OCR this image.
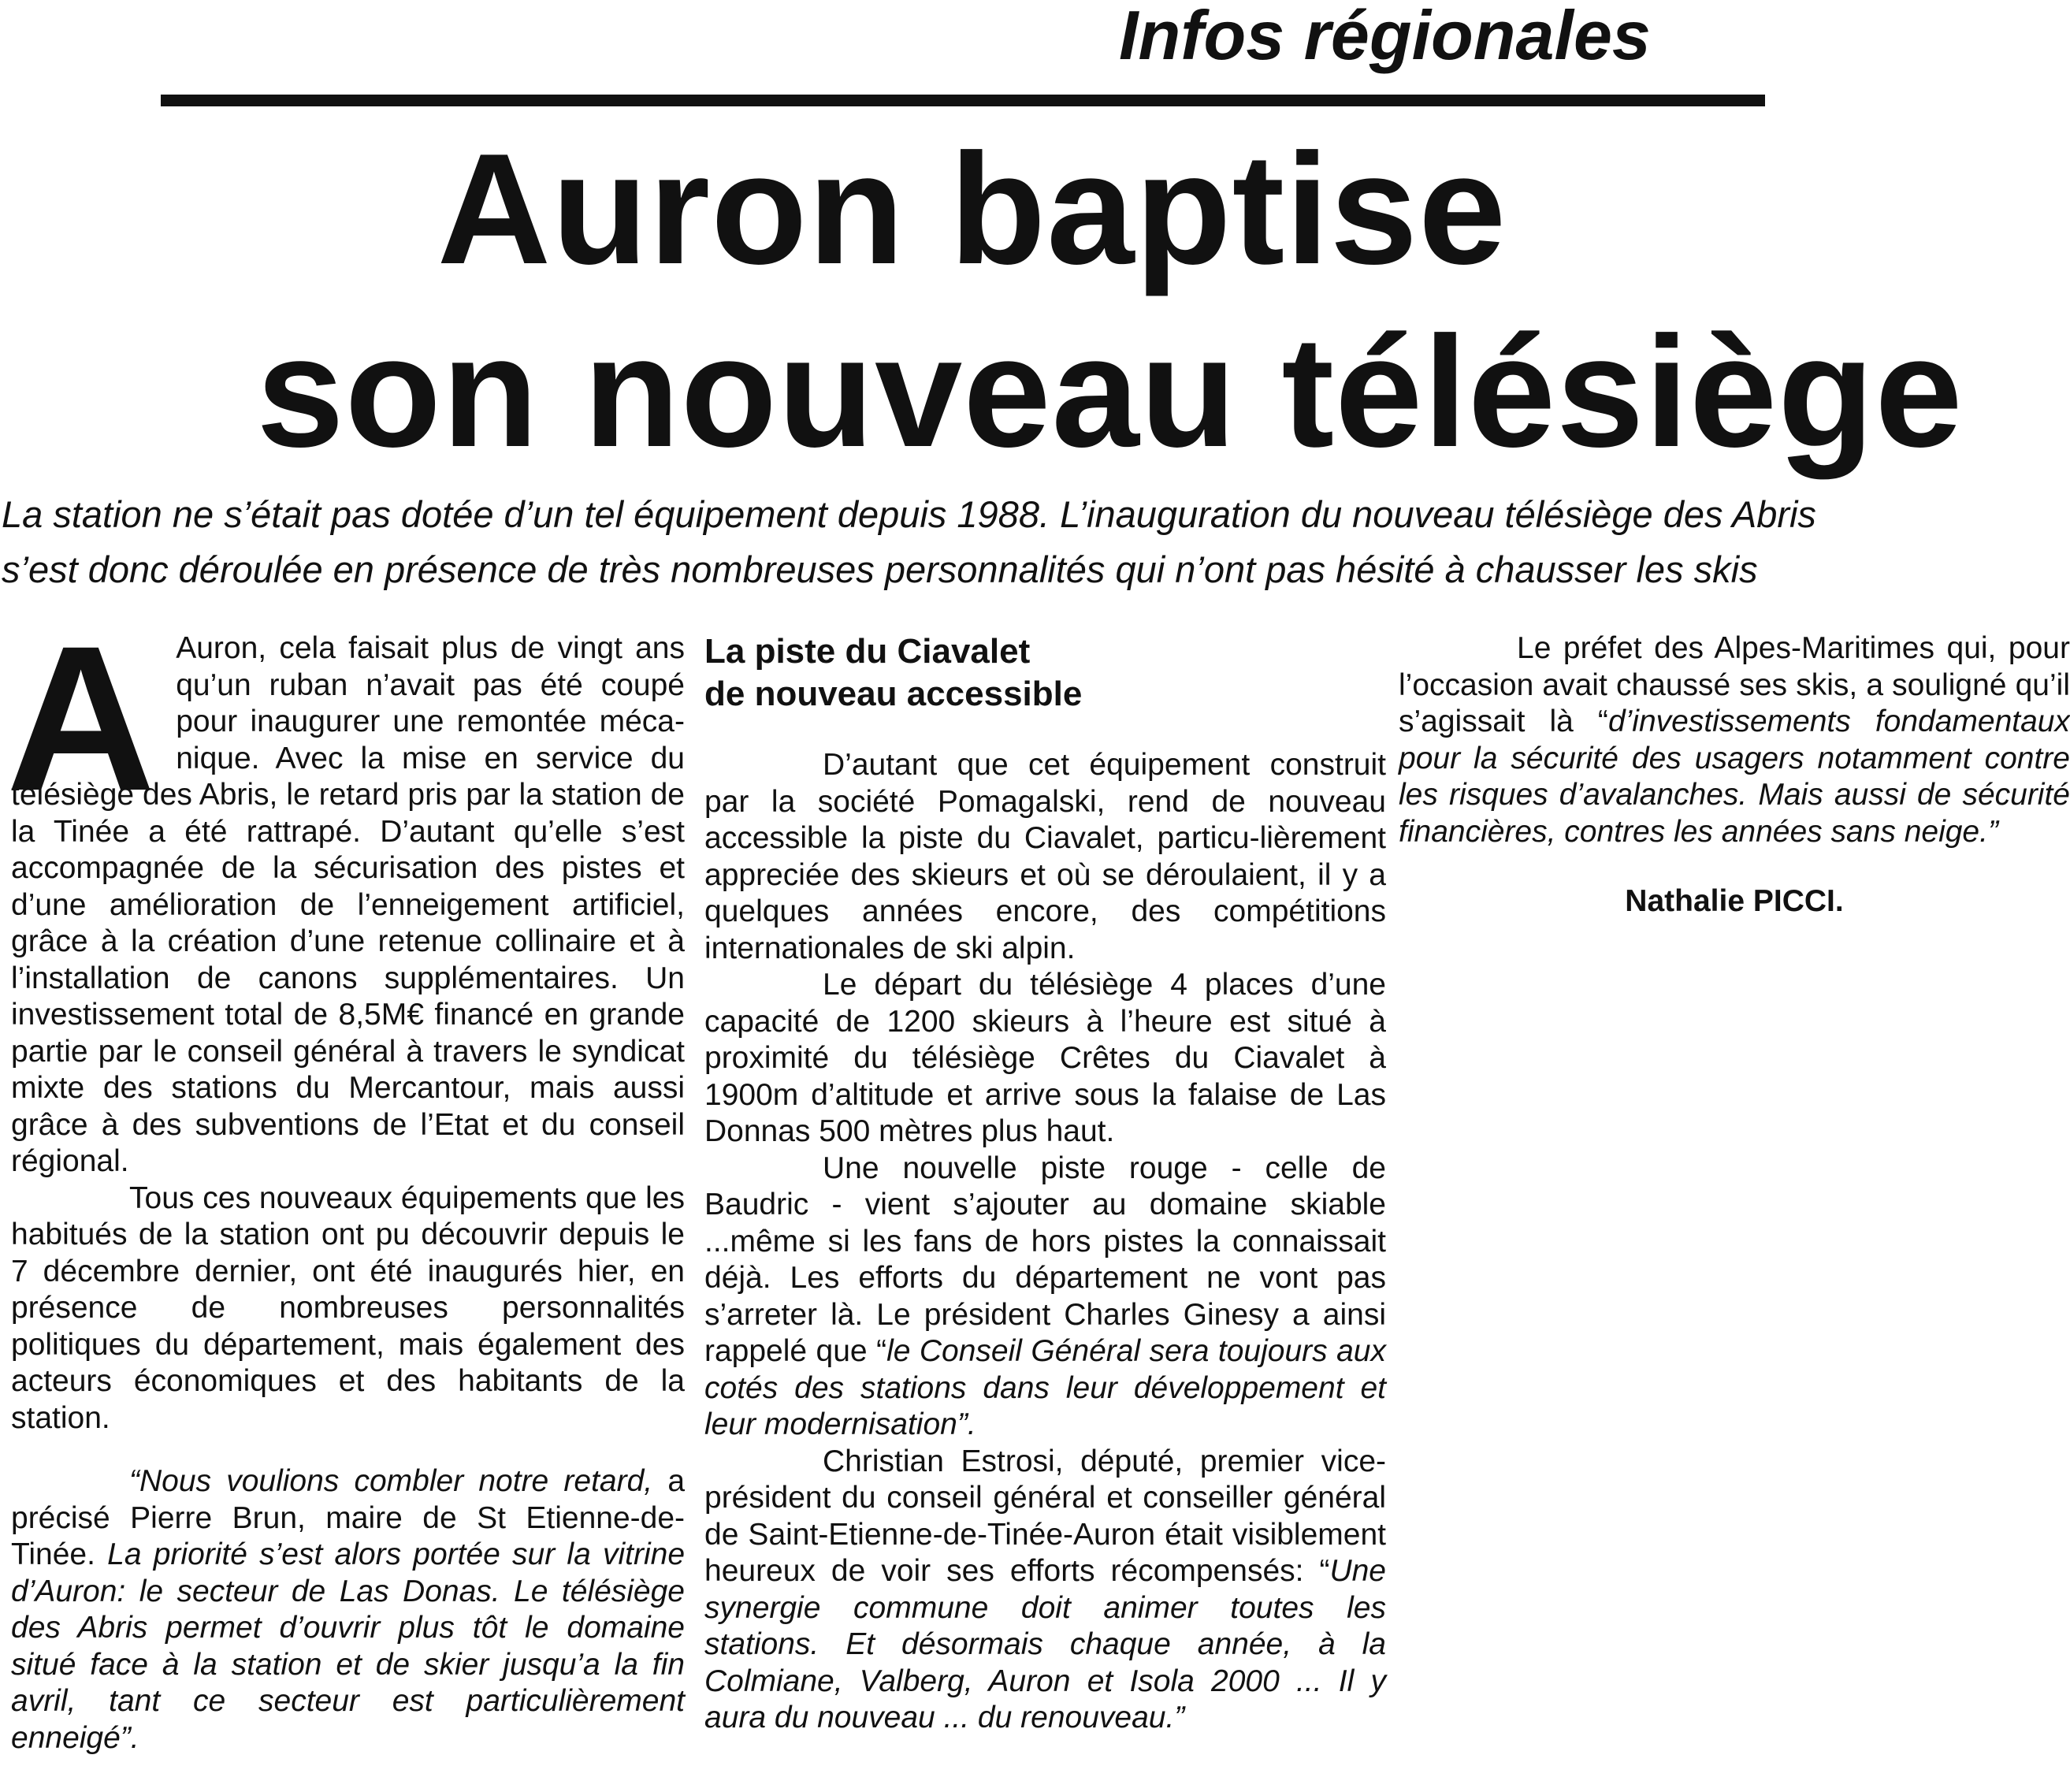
Infos régionales
Auron baptise
son nouveau télésiège
La station ne s’était pas dotée d’un tel équipement depuis 1988. L’inauguration du nouveau télésiège des Abris
s’est donc déroulée en présence de très nombreuses personnalités qui n’ont pas hésité à chausser les skis
A Auron, cela faisait plus de vingt ans qu’un ruban n’avait pas été coupé pour inaugurer une remontée méca-nique. Avec la mise en service du télésiège des Abris, le retard pris par la station de la Tinée a été rattrapé. D’autant qu’elle s’est accompagnée de la sécurisation des pistes et d’une amélioration de l’enneigement artificiel, grâce à la création d’une retenue collinaire et à l’installation de canons supplémentaires. Un investissement total de 8,5M€ financé en grande partie par le conseil général à travers le syndicat mixte des stations du Mercantour, mais aussi grâce à des subventions de l’Etat et du conseil régional.

Tous ces nouveaux équipements que les habitués de la station ont pu découvrir depuis le 7 décembre dernier, ont été inaugurés hier, en présence de nombreuses personnalités politiques du département, mais également des acteurs économiques et des habitants de la station.

“Nous voulions combler notre retard, a précisé Pierre Brun, maire de St Etienne-de-Tinée. La priorité s’est alors portée sur la vitrine d’Auron: le secteur de Las Donas. Le télésiège des Abris permet d’ouvrir plus tôt le domaine situé face à la station et de skier jusqu’a la fin avril, tant ce secteur est particulièrement enneigé”.

La piste du Ciavalet
de nouveau accessible

D’autant que cet équipement construit par la société Pomagalski, rend de nouveau accessible la piste du Ciavalet, particu-lièrement appreciée des skieurs et où se déroulaient, il y a quelques années encore, des compétitions internationales de ski alpin.

Le départ du télésiège 4 places d’une capacité de 1200 skieurs à l’heure est situé à proximité du télésiège Crêtes du Ciavalet à 1900m d’altitude et arrive sous la falaise de Las Donnas 500 mètres plus haut.

Une nouvelle piste rouge - celle de Baudric - vient s’ajouter au domaine skiable ...même si les fans de hors pistes la connaissait déjà. Les efforts du département ne vont pas s’arreter là. Le président Charles Ginesy a ainsi rappelé que “le Conseil Général sera toujours aux cotés des stations dans leur développement et leur modernisation”.

Christian Estrosi, député, premier vice-président du conseil général et conseiller général de Saint-Etienne-de-Tinée-Auron était visiblement heureux de voir ses efforts récompensés: “Une synergie commune doit animer toutes les stations. Et désormais chaque année, à la Colmiane, Valberg, Auron et Isola 2000 ... Il y aura du nouveau ... du renouveau.”

Le préfet des Alpes-Maritimes qui, pour l’occasion avait chaussé ses skis, a souligné qu’il s’agissait là “d’investissements fondamentaux pour la sécurité des usagers notamment contre les risques d’avalanches. Mais aussi de sécurité financières, contres les années sans neige.”

Nathalie PICCI.
